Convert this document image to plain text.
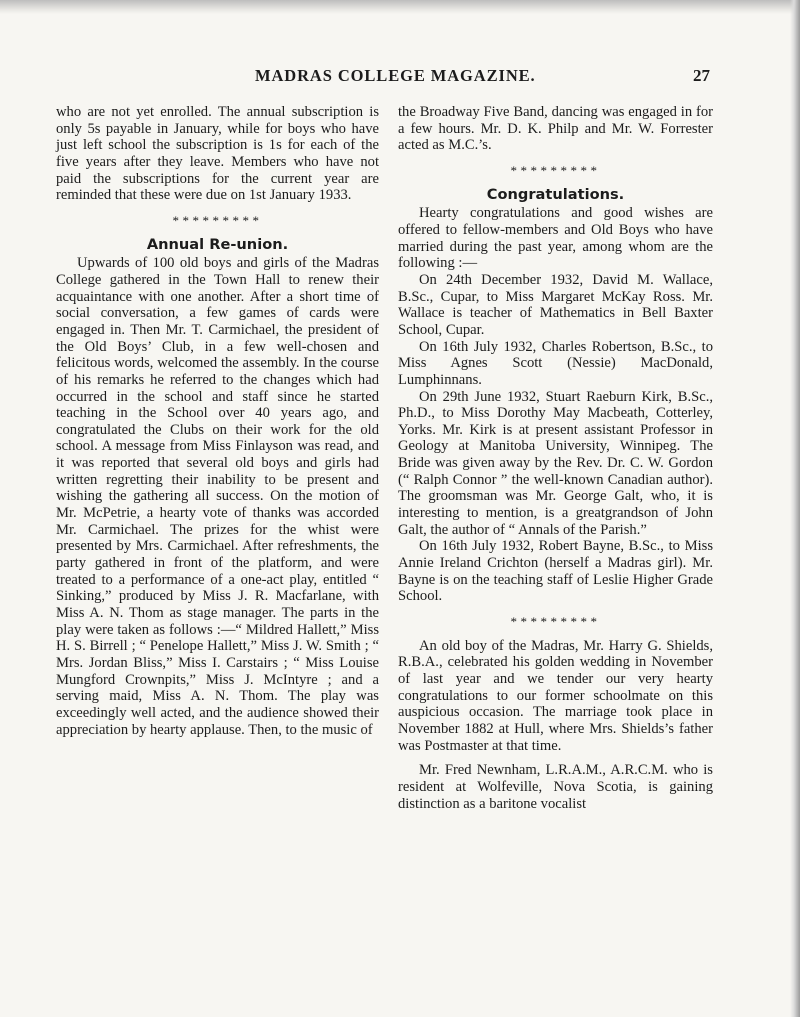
MADRAS COLLEGE MAGAZINE.	27

who are not yet enrolled. The annual subscription is only 5s payable in January, while for boys who have just left school the subscription is 1s for each of the five years after they leave. Members who have not paid the subscriptions for the current year are reminded that these were due on 1st January 1933.

*********
Annual Re-union.

Upwards of 100 old boys and girls of the Madras College gathered in the Town Hall to renew their acquaintance with one another. After a short time of social conversation, a few games of cards were engaged in. Then Mr. T. Carmichael, the president of the Old Boys’ Club, in a few well-chosen and felicitous words, welcomed the assembly. In the course of his remarks he referred to the changes which had occurred in the school and staff since he started teaching in the School over 40 years ago, and congratulated the Clubs on their work for the old school. A message from Miss Finlayson was read, and it was reported that several old boys and girls had written regretting their inability to be present and wishing the gathering all success. On the motion of Mr. McPetrie, a hearty vote of thanks was accorded Mr. Carmichael. The prizes for the whist were presented by Mrs. Carmichael. After refreshments, the party gathered in front of the platform, and were treated to a performance of a one-act play, entitled “ Sinking,” produced by Miss J. R. Macfarlane, with Miss A. N. Thom as stage manager. The parts in the play were taken as follows :—“ Mildred Hallett,” Miss H. S. Birrell ; “ Penelope Hallett,” Miss J. W. Smith ; “ Mrs. Jordan Bliss,” Miss I. Carstairs ; “ Miss Louise Mungford Crownpits,” Miss J. McIntyre ; and a serving maid, Miss A. N. Thom. The play was exceedingly well acted, and the audience showed their appreciation by hearty applause. Then, to the music of

the Broadway Five Band, dancing was engaged in for a few hours. Mr. D. K. Philp and Mr. W. Forrester acted as M.C.’s.

*********
Congratulations.

Hearty congratulations and good wishes are offered to fellow-members and Old Boys who have married during the past year, among whom are the following :—

On 24th December 1932, David M. Wallace, B.Sc., Cupar, to Miss Margaret McKay Ross. Mr. Wallace is teacher of Mathematics in Bell Baxter School, Cupar.

On 16th July 1932, Charles Robertson, B.Sc., to Miss Agnes Scott (Nessie) MacDonald, Lumphinnans.

On 29th June 1932, Stuart Raeburn Kirk, B.Sc., Ph.D., to Miss Dorothy May Macbeath, Cotterley, Yorks. Mr. Kirk is at present assistant Professor in Geology at Manitoba University, Winnipeg. The Bride was given away by the Rev. Dr. C. W. Gordon (“ Ralph Connor ” the well-known Canadian author). The groomsman was Mr. George Galt, who, it is interesting to mention, is a greatgrandson of John Galt, the author of “ Annals of the Parish.”

On 16th July 1932, Robert Bayne, B.Sc., to Miss Annie Ireland Crichton (herself a Madras girl). Mr. Bayne is on the teaching staff of Leslie Higher Grade School.

*********

An old boy of the Madras, Mr. Harry G. Shields, R.B.A., celebrated his golden wedding in November of last year and we tender our very hearty congratulations to our former schoolmate on this auspicious occasion. The marriage took place in November 1882 at Hull, where Mrs. Shields’s father was Postmaster at that time.

Mr. Fred Newnham, L.R.A.M., A.R.C.M. who is resident at Wolfeville, Nova Scotia, is gaining distinction as a baritone vocalist
